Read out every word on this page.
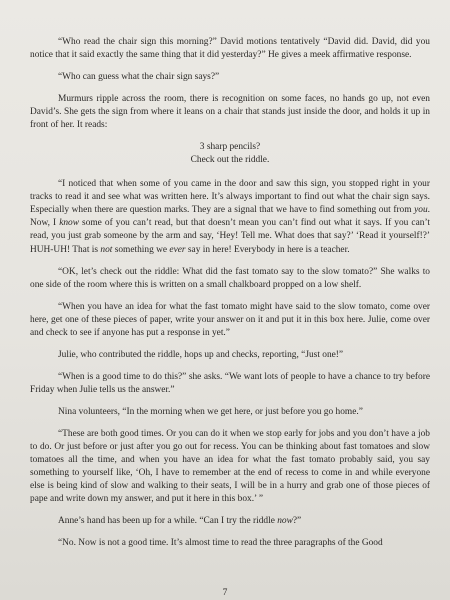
“Who read the chair sign this morning?” David motions tentatively “David did. David, did you notice that it said exactly the same thing that it did yesterday?” He gives a meek affirmative response.

“Who can guess what the chair sign says?”

Murmurs ripple across the room, there is recognition on some faces, no hands go up, not even David’s. She gets the sign from where it leans on a chair that stands just inside the door, and holds it up in front of her. It reads:

3 sharp pencils?
Check out the riddle.

“I noticed that when some of you came in the door and saw this sign, you stopped right in your tracks to read it and see what was written here. It’s always important to find out what the chair sign says. Especially when there are question marks. They are a signal that we have to find something out from you. Now, I know some of you can’t read, but that doesn’t mean you can’t find out what it says. If you can’t read, you just grab someone by the arm and say, ‘Hey! Tell me. What does that say?’ ‘Read it yourself!?’ HUH-UH! That is not something we ever say in here! Everybody in here is a teacher.

“OK, let’s check out the riddle: What did the fast tomato say to the slow tomato?” She walks to one side of the room where this is written on a small chalkboard propped on a low shelf.

“When you have an idea for what the fast tomato might have said to the slow tomato, come over here, get one of these pieces of paper, write your answer on it and put it in this box here. Julie, come over and check to see if anyone has put a response in yet.”

Julie, who contributed the riddle, hops up and checks, reporting, “Just one!”

“When is a good time to do this?” she asks. “We want lots of people to have a chance to try before Friday when Julie tells us the answer.”

Nina volunteers, “In the morning when we get here, or just before you go home.”

“These are both good times. Or you can do it when we stop early for jobs and you don’t have a job to do. Or just before or just after you go out for recess. You can be thinking about fast tomatoes and slow tomatoes all the time, and when you have an idea for what the fast tomato probably said, you say something to yourself like, ‘Oh, I have to remember at the end of recess to come in and while everyone else is being kind of slow and walking to their seats, I will be in a hurry and grab one of those pieces of pape and write down my answer, and put it here in this box.’ ”

Anne’s hand has been up for a while. “Can I try the riddle now?”

“No. Now is not a good time. It’s almost time to read the three paragraphs of the Good

7
